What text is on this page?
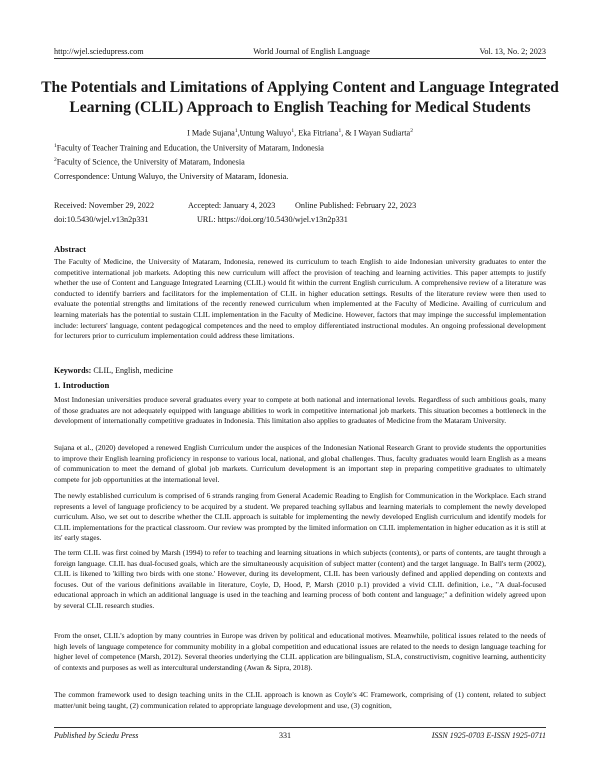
http://wjel.sciedupress.com	World Journal of English Language	Vol. 13, No. 2; 2023
The Potentials and Limitations of Applying Content and Language Integrated Learning (CLIL) Approach to English Teaching for Medical Students
I Made Sujana$^1$,Untung Waluyo$^1$, Eka Fitriana$^1$, & I Wayan Sudiarta$^2$
$^1$Faculty of Teacher Training and Education, the University of Mataram, Indonesia
$^2$Faculty of Science, the University of Mataram, Indonesia
Correspondence: Untung Waluyo, the University of Mataram, Idonesia.
Received: November 29, 2022	Accepted: January 4, 2023 Online Published: February 22, 2023
doi:10.5430/wjel.v13n2p331	URL: https://doi.org/10.5430/wjel.v13n2p331
Abstract

The Faculty of Medicine, the University of Mataram, Indonesia, renewed its curriculum to teach English to aide Indonesian university graduates to enter the competitive international job markets. Adopting this new curriculum will affect the provision of teaching and learning activities. This paper attempts to justify whether the use of Content and Language Integrated Learning (CLIL) would fit within the current English curriculum. A comprehensive review of a literature was conducted to identify barriers and facilitators for the implementation of CLIL in higher education settings. Results of the literature review were then used to evaluate the potential strengths and limitations of the recently renewed curriculum when implemented at the Faculty of Medicine. Availing of curriculum and learning materials has the potential to sustain CLIL implementation in the Faculty of Medicine. However, factors that may impinge the successful implementation include: lecturers' language, content pedagogical competences and the need to employ differentiated instructional modules. An ongoing professional development for lecturers prior to curriculum implementation could address these limitations.

Keywords: CLIL, English, medicine
1. Introduction

Most Indonesian universities produce several graduates every year to compete at both national and international levels. Regardless of such ambitious goals, many of those graduates are not adequately equipped with language abilities to work in competitive international job markets. This situation becomes a bottleneck in the development of internationally competitive graduates in Indonesia. This limitation also applies to graduates of Medicine from the Mataram University.

Sujana et al., (2020) developed a renewed English Curriculum under the auspices of the Indonesian National Research Grant to provide students the opportunities to improve their English learning proficiency in response to various local, national, and global challenges. Thus, faculty graduates would learn English as a means of communication to meet the demand of global job markets. Curriculum development is an important step in preparing competitive graduates to ultimately compete for job opportunities at the international level.

The newly established curriculum is comprised of 6 strands ranging from General Academic Reading to English for Communication in the Workplace. Each strand represents a level of language proficiency to be acquired by a student. We prepared teaching syllabus and learning materials to complement the newly developed curriculum. Also, we set out to describe whether the CLIL approach is suitable for implementing the newly developed English curriculum and identify models for CLIL implementations for the practical classroom. Our review was prompted by the limited information on CLIL implementation in higher education as it is still at its' early stages.

The term CLIL was first coined by Marsh (1994) to refer to teaching and learning situations in which subjects (contents), or parts of contents, are taught through a foreign language. CLIL has dual-focused goals, which are the simultaneously acquisition of subject matter (content) and the target language. In Ball's term (2002), CLIL is likened to 'killing two birds with one stone.' However, during its development, CLIL has been variously defined and applied depending on contexts and focuses. Out of the various definitions available in literature, Coyle, D, Hood, P, Marsh (2010 p.1) provided a vivid CLIL definition, i.e., "A dual-focused educational approach in which an additional language is used in the teaching and learning process of both content and language;" a definition widely agreed upon by several CLIL research studies.

From the onset, CLIL's adoption by many countries in Europe was driven by political and educational motives. Meanwhile, political issues related to the needs of high levels of language competence for community mobility in a global competition and educational issues are related to the needs to design language teaching for higher level of competence (Marsh, 2012). Several theories underlying the CLIL application are bilingualism, SLA, constructivism, cognitive learning, authenticity of contexts and purposes as well as intercultural understanding (Awan & Sipra, 2018).

The common framework used to design teaching units in the CLIL approach is known as Coyle's 4C Framework, comprising of (1) content, related to subject matter/unit being taught, (2) communication related to appropriate language development and use, (3) cognition,

Published by Sciedu Press	331	ISSN 1925-0703 E-ISSN 1925-0711
